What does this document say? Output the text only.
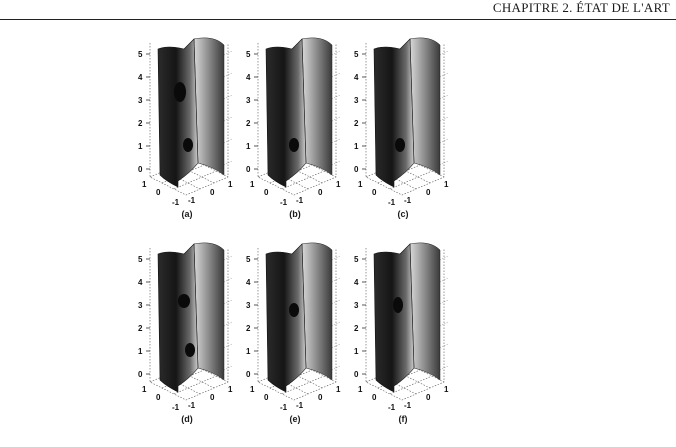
CHAPITRE 2. ÉTAT DE L'ART
0
1
2
3
4
5
1
0
-1 -1
0
1
(a)
0
1
2
3
4
5
1
0
-1 -1
0
1
(b)
0
1
2
3
4
5
1
0
-1 -1
0
1
(c)
0
1
2
3
4
5
1
0
-1 -1
0
1
(d)
0
1
2
3
4
5
1
0
-1 -1
0
1
(e)
0
1
2
3
4
5
1
0
-1 -1
0
1
(f)
